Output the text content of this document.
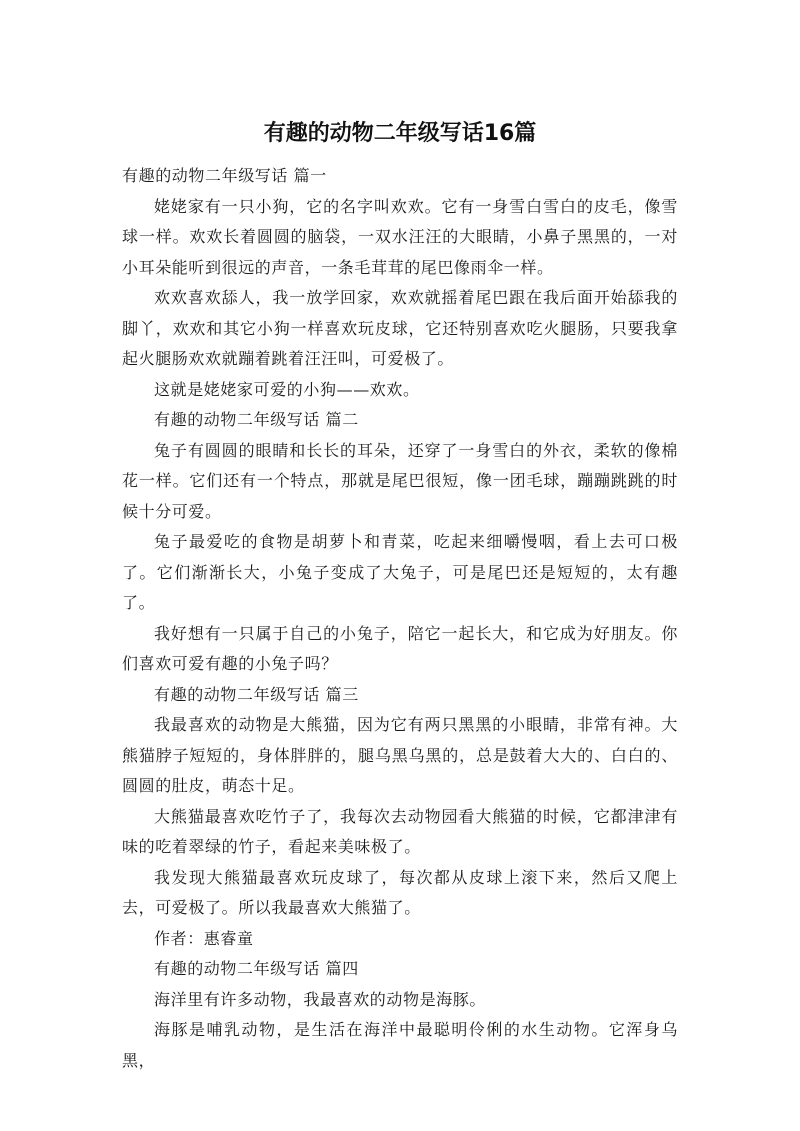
有趣的动物二年级写话16篇

有趣的动物二年级写话 篇一

姥姥家有一只小狗，它的名字叫欢欢。它有一身雪白雪白的皮毛，像雪球一样。欢欢长着圆圆的脑袋，一双水汪汪的大眼睛，小鼻子黑黑的，一对小耳朵能听到很远的声音，一条毛茸茸的尾巴像雨伞一样。

欢欢喜欢舔人，我一放学回家，欢欢就摇着尾巴跟在我后面开始舔我的脚丫，欢欢和其它小狗一样喜欢玩皮球，它还特别喜欢吃火腿肠，只要我拿起火腿肠欢欢就蹦着跳着汪汪叫，可爱极了。

这就是姥姥家可爱的小狗——欢欢。

有趣的动物二年级写话 篇二

兔子有圆圆的眼睛和长长的耳朵，还穿了一身雪白的外衣，柔软的像棉花一样。它们还有一个特点，那就是尾巴很短，像一团毛球，蹦蹦跳跳的时候十分可爱。

兔子最爱吃的食物是胡萝卜和青菜，吃起来细嚼慢咽，看上去可口极了。它们渐渐长大，小兔子变成了大兔子，可是尾巴还是短短的，太有趣了。

我好想有一只属于自己的小兔子，陪它一起长大，和它成为好朋友。你们喜欢可爱有趣的小兔子吗？

有趣的动物二年级写话 篇三

我最喜欢的动物是大熊猫，因为它有两只黑黑的小眼睛，非常有神。大熊猫脖子短短的，身体胖胖的，腿乌黑乌黑的，总是鼓着大大的、白白的、圆圆的肚皮，萌态十足。

大熊猫最喜欢吃竹子了，我每次去动物园看大熊猫的时候，它都津津有味的吃着翠绿的竹子，看起来美味极了。

我发现大熊猫最喜欢玩皮球了，每次都从皮球上滚下来，然后又爬上去，可爱极了。所以我最喜欢大熊猫了。

作者：惠睿童

有趣的动物二年级写话 篇四

海洋里有许多动物，我最喜欢的动物是海豚。

海豚是哺乳动物，是生活在海洋中最聪明伶俐的水生动物。它浑身乌黑，
